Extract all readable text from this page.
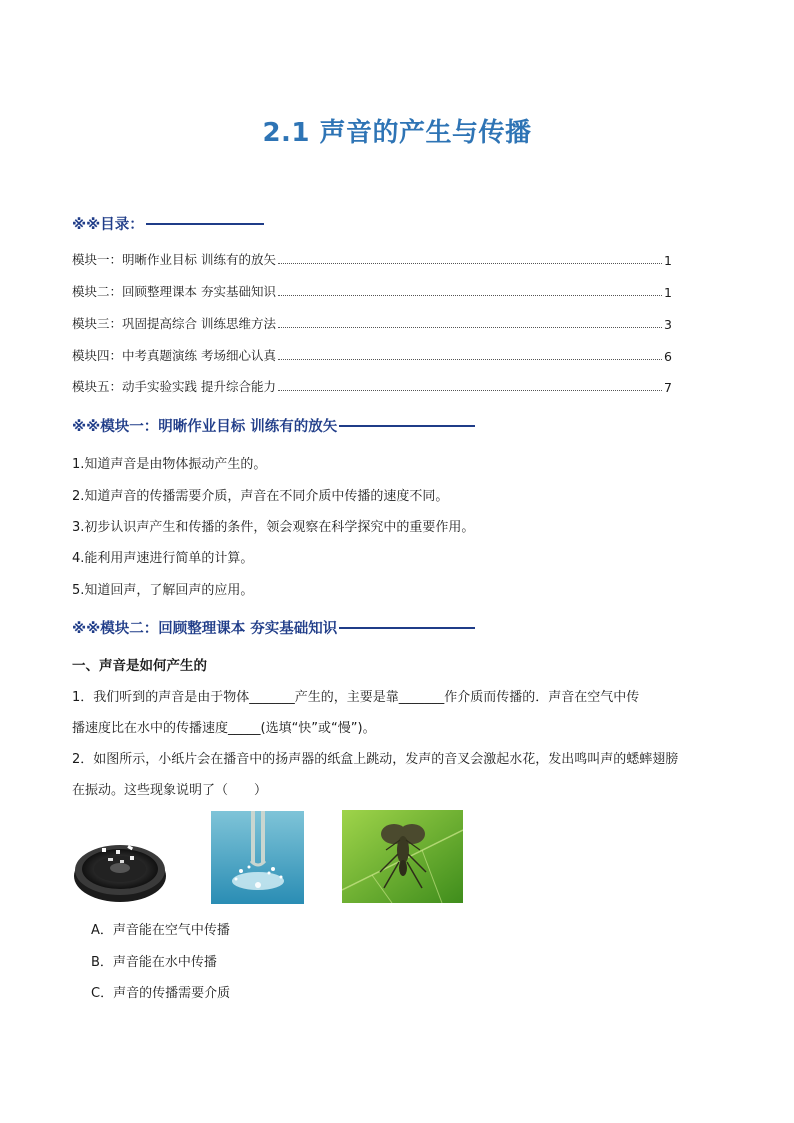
2.1 声音的产生与传播
※※目录：
模块一：明晰作业目标 训练有的放矢	1
模块二：回顾整理课本 夯实基础知识	1
模块三：巩固提高综合 训练思维方法	3
模块四：中考真题演练 考场细心认真	6
模块五：动手实验实践 提升综合能力	7
※※模块一：明晰作业目标 训练有的放矢
1.知道声音是由物体振动产生的。
2.知道声音的传播需要介质，声音在不同介质中传播的速度不同。
3.初步认识声产生和传播的条件，领会观察在科学探究中的重要作用。
4.能利用声速进行简单的计算。
5.知道回声，了解回声的应用。
※※模块二：回顾整理课本 夯实基础知识
一、声音是如何产生的
1．我们听到的声音是由于物体_______产生的，主要是靠_______作介质而传播的．声音在空气中传
播速度比在水中的传播速度_____(选填“快”或“慢”)。
2．如图所示，小纸片会在播音中的扬声器的纸盒上跳动，发声的音叉会激起水花，发出鸣叫声的蟋蟀翅膀
在振动。这些现象说明了（　　）
A．声音能在空气中传播
B．声音能在水中传播
C．声音的传播需要介质
